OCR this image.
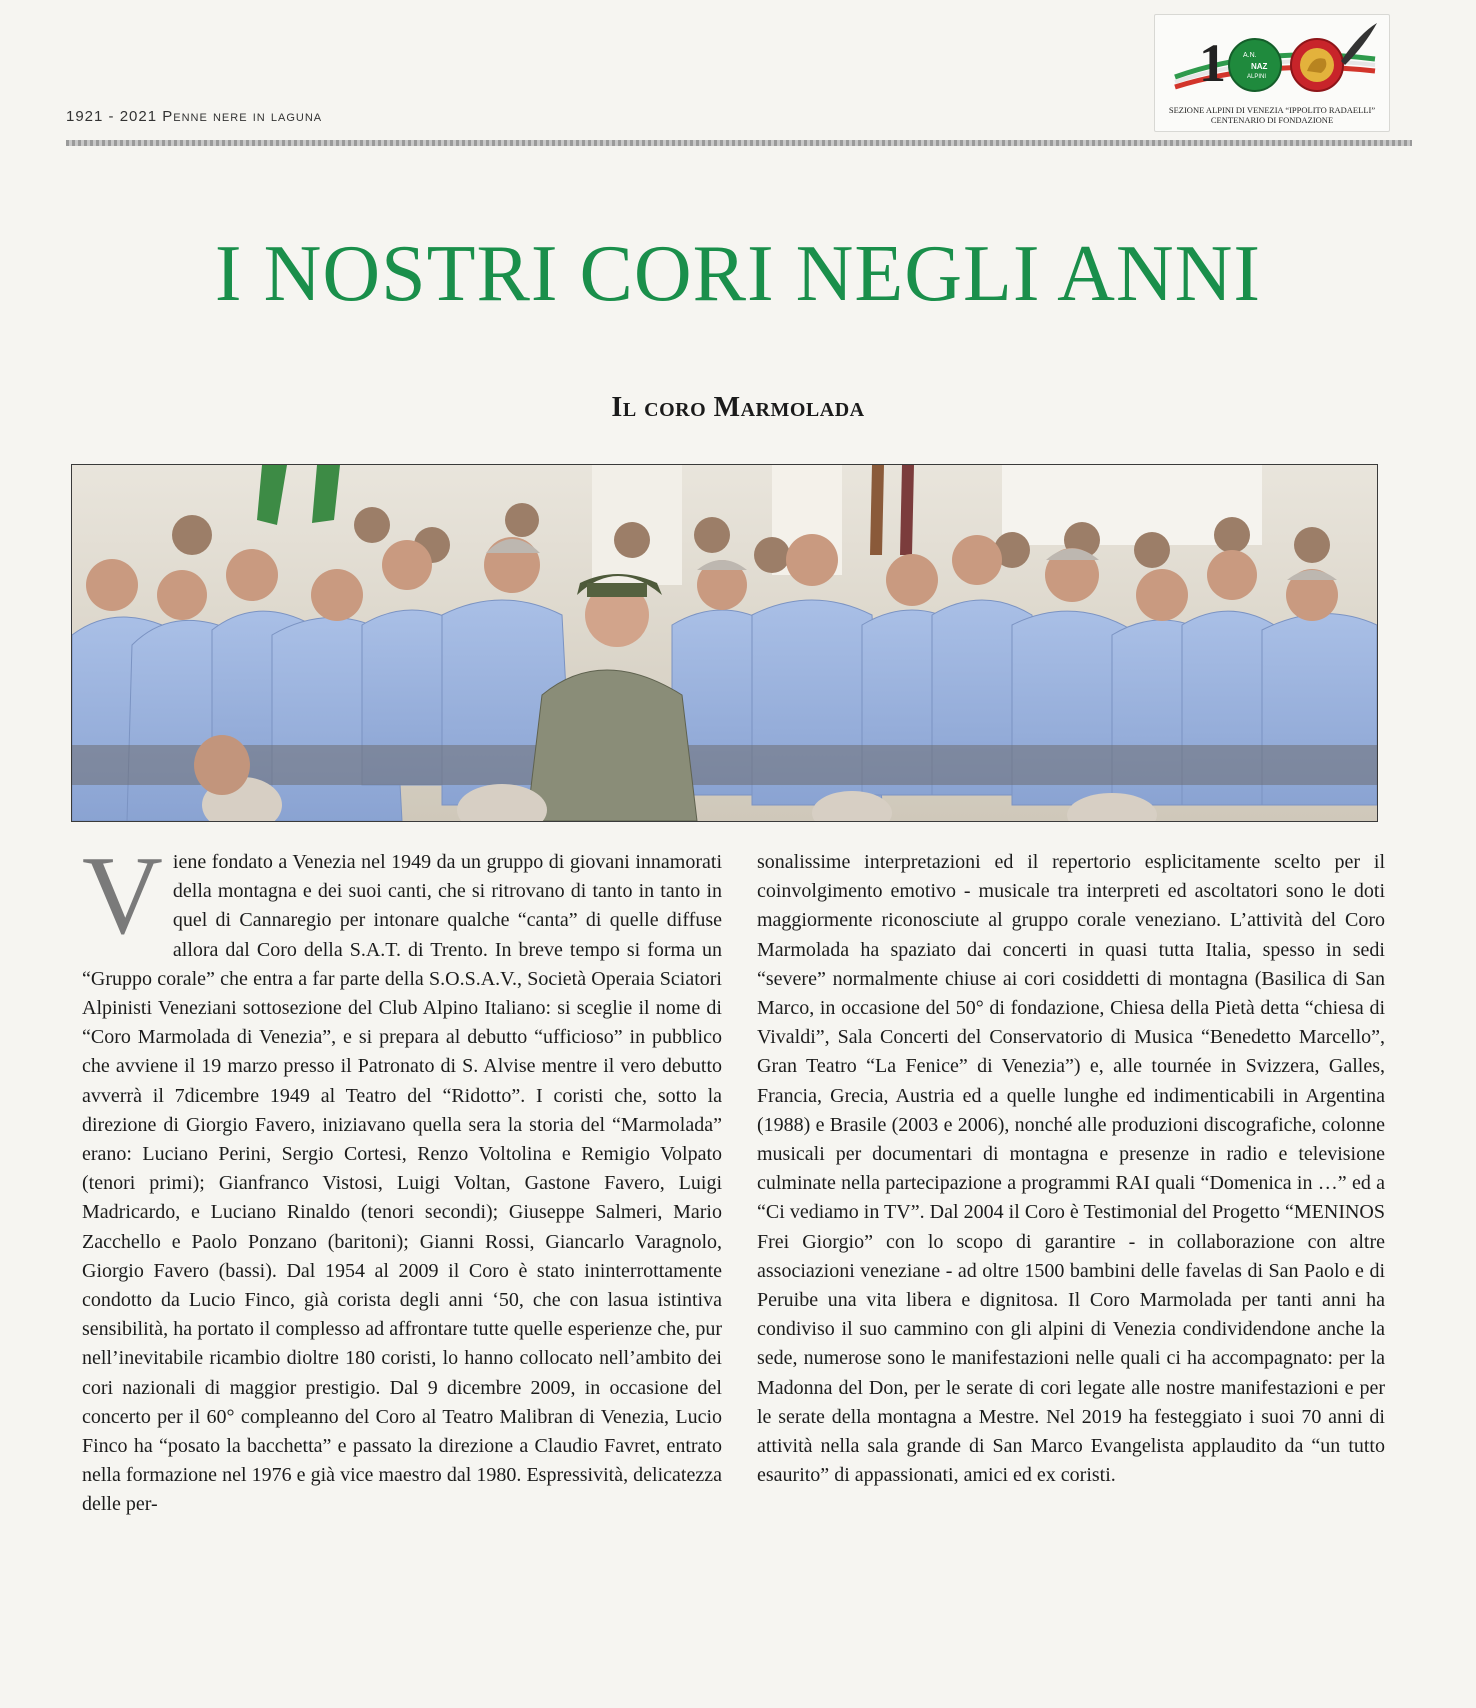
1921 - 2021 Penne nere in laguna
1 A.N.
NAZ
ALPINI
SEZIONE ALPINI DI VENEZIA “IPPOLITO RADAELLI”
CENTENARIO DI FONDAZIONE
I NOSTRI CORI NEGLI ANNI
Il coro Marmolada
V iene fondato a Venezia nel 1949 da un gruppo di giovani innamorati della montagna e dei suoi canti, che si ritrovano di tanto in tanto in quel di Cannaregio per intonare qualche “canta” di quelle diffuse allora dal Coro della S.A.T. di Trento. In breve tempo si forma un “Gruppo corale” che entra a far parte della S.O.S.A.V., Società Operaia Sciatori Alpinisti Veneziani sottosezione del Club Alpino Italiano: si sceglie il nome di “Coro Marmolada di Venezia”, e si prepara al debutto “ufficioso” in pubblico che avviene il 19 marzo presso il Patronato di S. Alvise mentre il vero debutto avverrà il 7dicembre 1949 al Teatro del “Ridotto”. I coristi che, sotto la direzione di Giorgio Favero, iniziavano quella sera la storia del “Marmolada” erano: Luciano Perini, Sergio Cortesi, Renzo Voltolina e Remigio Volpato (tenori primi); Gianfranco Vistosi, Luigi Voltan, Gastone Favero, Luigi Madricardo, e Luciano Rinaldo (tenori secondi); Giuseppe Salmeri, Mario Zacchello e Paolo Ponzano (baritoni); Gianni Rossi, Giancarlo Varagnolo, Giorgio Favero (bassi). Dal 1954 al 2009 il Coro è stato ininterrottamente condotto da Lucio Finco, già corista degli anni ‘50, che con lasua istintiva sensibilità, ha portato il complesso ad affrontare tutte quelle esperienze che, pur nell’inevitabile ricambio dioltre 180 coristi, lo hanno collocato nell’ambito dei cori nazionali di maggior prestigio. Dal 9 dicembre 2009, in occasione del concerto per il 60° compleanno del Coro al Teatro Malibran di Venezia, Lucio Finco ha “posato la bacchetta” e passato la direzione a Claudio Favret, entrato nella formazione nel 1976 e già vice maestro dal 1980. Espressività, delicatezza delle per-

sonalissime interpretazioni ed il repertorio esplicitamente scelto per il coinvolgimento emotivo - musicale tra interpreti ed ascoltatori sono le doti maggiormente riconosciute al gruppo corale veneziano. L’attività del Coro Marmolada ha spaziato dai concerti in quasi tutta Italia, spesso in sedi “severe” normalmente chiuse ai cori cosiddetti di montagna (Basilica di San Marco, in occasione del 50° di fondazione, Chiesa della Pietà detta “chiesa di Vivaldi”, Sala Concerti del Conservatorio di Musica “Benedetto Marcello”, Gran Teatro “La Fenice” di Venezia”) e, alle tournée in Svizzera, Galles, Francia, Grecia, Austria ed a quelle lunghe ed indimenticabili in Argentina (1988) e Brasile (2003 e 2006), nonché alle produzioni discografiche, colonne musicali per documentari di montagna e presenze in radio e televisione culminate nella partecipazione a programmi RAI quali “Domenica in …” ed a “Ci vediamo in TV”. Dal 2004 il Coro è Testimonial del Progetto “MENINOS Frei Giorgio” con lo scopo di garantire - in collaborazione con altre associazioni veneziane - ad oltre 1500 bambini delle favelas di San Paolo e di Peruibe una vita libera e dignitosa. Il Coro Marmolada per tanti anni ha condiviso il suo cammino con gli alpini di Venezia condividendone anche la sede, numerose sono le manifestazioni nelle quali ci ha accompagnato: per la Madonna del Don, per le serate di cori legate alle nostre manifestazioni e per le serate della montagna a Mestre. Nel 2019 ha festeggiato i suoi 70 anni di attività nella sala grande di San Marco Evangelista applaudito da “un tutto esaurito” di appassionati, amici ed ex coristi.
